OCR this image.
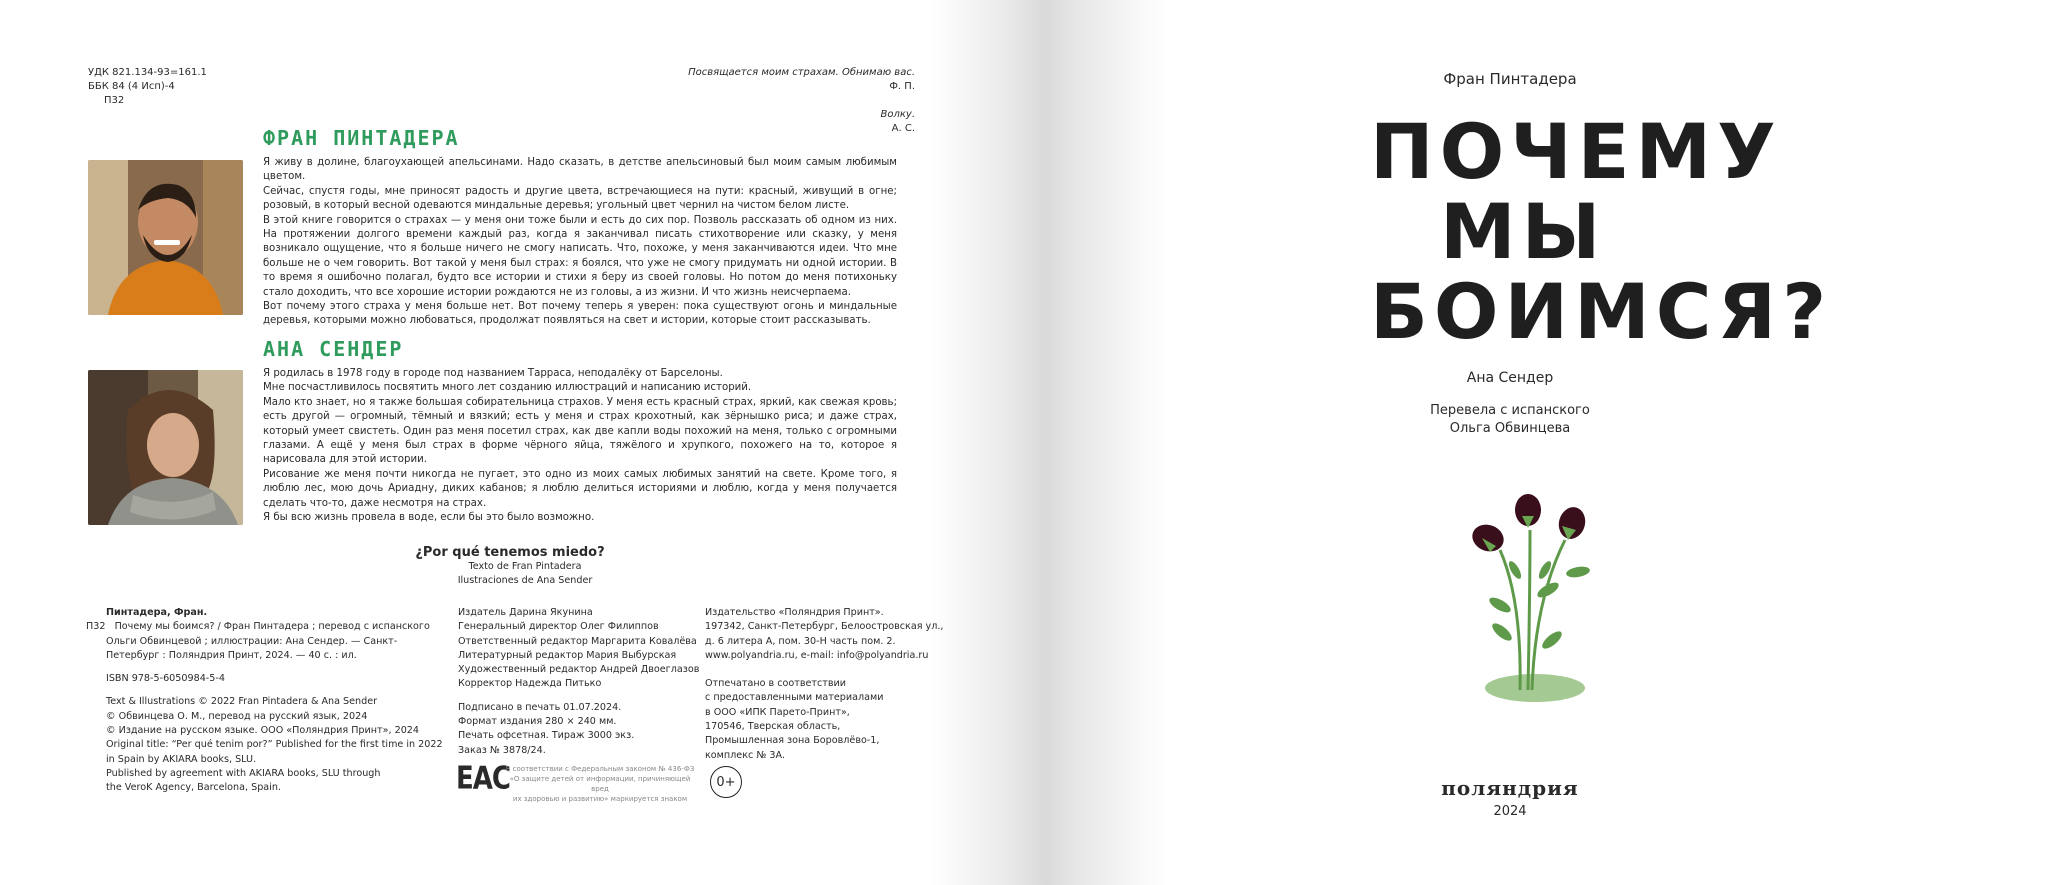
УДК 821.134-93=161.1
ББК 84 (4 Исп)-4
П32
Посвящается моим страхам. Обнимаю вас.
Ф. П.
Волку.
А. С.
ФРАН ПИНТАДЕРА

Я живу в долине, благоухающей апельсинами. Надо сказать, в детстве апельсиновый был моим самым любимым цветом.

Сейчас, спустя годы, мне приносят радость и другие цвета, встречающиеся на пути: красный, живущий в огне; розовый, в который весной одеваются миндальные деревья; угольный цвет чернил на чистом белом листе.

В этой книге говорится о страхах — у меня они тоже были и есть до сих пор. Позволь рассказать об одном из них. На протяжении долгого времени каждый раз, когда я заканчивал писать стихотворение или сказку, у меня возникало ощущение, что я больше ничего не смогу написать. Что, похоже, у меня заканчиваются идеи. Что мне больше не о чем говорить. Вот такой у меня был страх: я боялся, что уже не смогу придумать ни одной истории. В то время я ошибочно полагал, будто все истории и стихи я беру из своей головы. Но потом до меня потихоньку стало доходить, что все хорошие истории рождаются не из головы, а из жизни. И что жизнь неисчерпаема.

Вот почему этого страха у меня больше нет. Вот почему теперь я уверен: пока существуют огонь и миндальные деревья, которыми можно любоваться, продолжат появляться на свет и истории, которые стоит рассказывать.

АНА СЕНДЕР

Я родилась в 1978 году в городе под названием Тарраса, неподалёку от Барселоны.

Мне посчастливилось посвятить много лет созданию иллюстраций и написанию историй.

Мало кто знает, но я также большая собирательница страхов. У меня есть красный страх, яркий, как свежая кровь; есть другой — огромный, тёмный и вязкий; есть у меня и страх крохотный, как зёрнышко риса; и даже страх, который умеет свистеть. Один раз меня посетил страх, как две капли воды похожий на меня, только с огромными глазами. А ещё у меня был страх в форме чёрного яйца, тяжёлого и хрупкого, похожего на то, которое я нарисовала для этой истории.

Рисование же меня почти никогда не пугает, это одно из моих самых любимых занятий на свете. Кроме того, я люблю лес, мою дочь Ариадну, диких кабанов; я люблю делиться историями и люблю, когда у меня получается сделать что-то, даже несмотря на страх.

Я бы всю жизнь провела в воде, если бы это было возможно.

¿Por qué tenemos miedo?
Texto de Fran Pintadera
Ilustraciones de Ana Sender

Пинтадера, Фран.

П32 Почему мы боимся? / Фран Пинтадера ; перевод с испанского

Ольги Обвинцевой ; иллюстрации: Ана Сендер. — Санкт-

Петербург : Поляндрия Принт, 2024. — 40 с. : ил.

ISBN 978-5-6050984-5-4

Text & Illustrations © 2022 Fran Pintadera & Ana Sender

© Обвинцева О. М., перевод на русский язык, 2024

© Издание на русском языке. ООО «Поляндрия Принт», 2024

Original title: “Per qué tenim por?” Published for the first time in 2022

in Spain by AKIARA books, SLU.

Published by agreement with AKIARA books, SLU through

the VeroK Agency, Barcelona, Spain.

Издатель Дарина Якунина

Генеральный директор Олег Филиппов

Ответственный редактор Маргарита Ковалёва

Литературный редактор Мария Выбурская

Художественный редактор Андрей Двоеглазов

Корректор Надежда Питько

Подписано в печать 01.07.2024.

Формат издания 280 × 240 мм.

Печать офсетная. Тираж 3000 экз.

Заказ № 3878/24.

EAC
В соответствии с Федеральным законом № 436-ФЗ
«О защите детей от информации, причиняющей вред
их здоровью и развитию» маркируется знаком
0+

Издательство «Поляндрия Принт».

197342, Санкт-Петербург, Белоостровская ул.,

д. 6 литера А, пом. 30-Н часть пом. 2.

www.polyandria.ru, e-mail: info@polyandria.ru

Отпечатано в соответствии

с предоставленными материалами

в ООО «ИПК Парето-Принт»,

170546, Тверская область,

Промышленная зона Боровлёво-1,

комплекс № 3А.

Фран Пинтадера
ПОЧЕМУ
МЫ
БОИМСЯ?
Ана Сендер
Перевела с испанского
Ольга Обвинцева
поляндрия
2024
